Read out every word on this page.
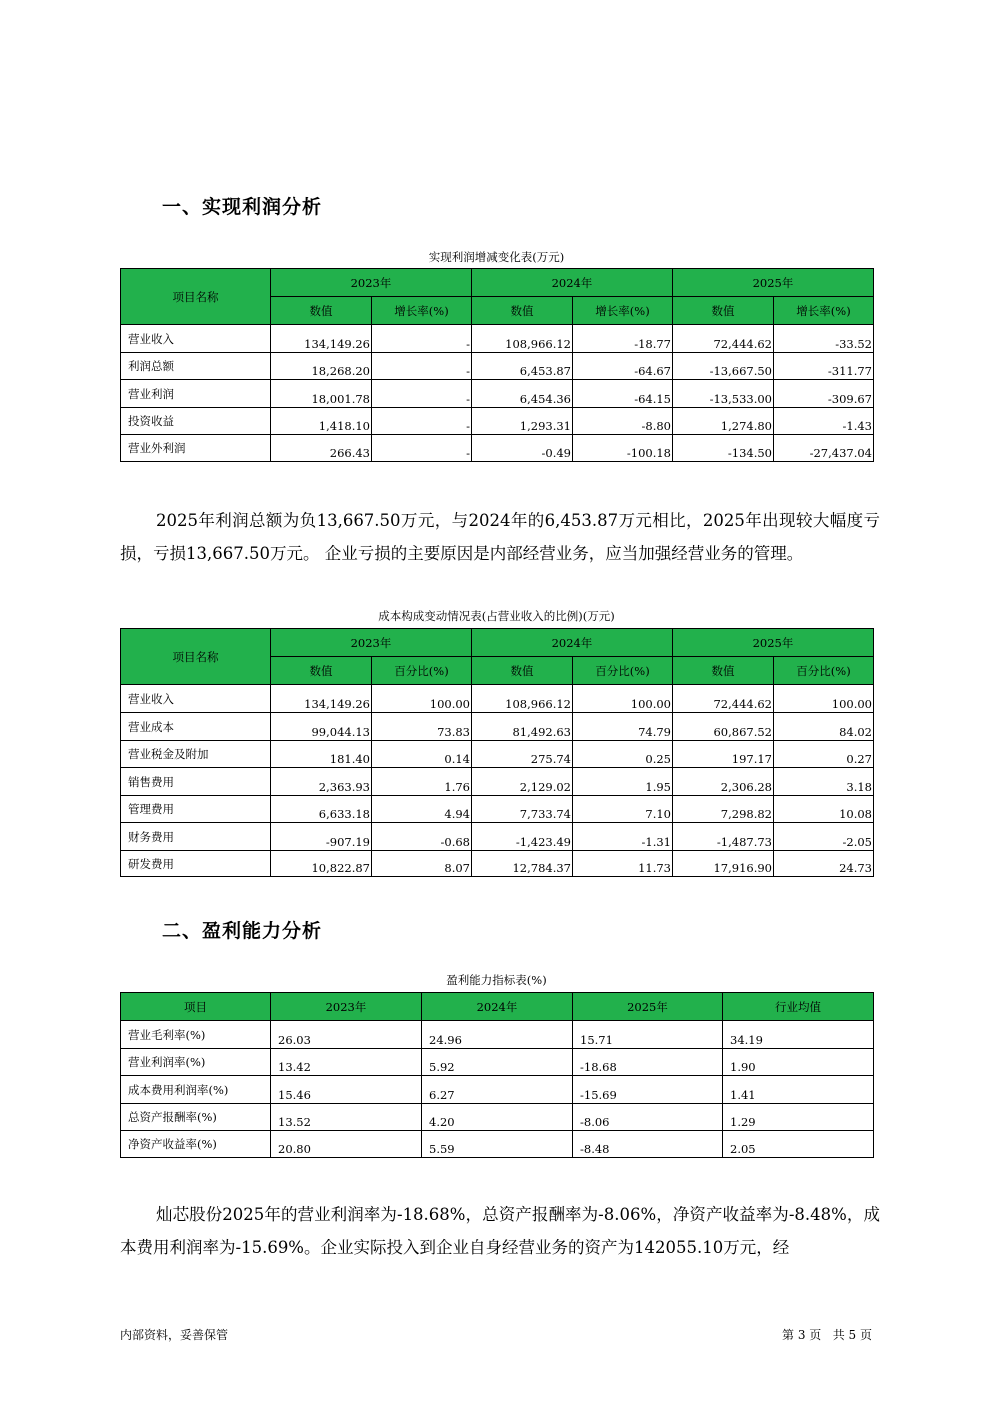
一、实现利润分析
实现利润增减变化表(万元)
项目名称	2023年		2024年		2025年	
	数值	增长率(%)	数值	增长率(%)	数值	增长率(%)
营业收入	134,149.26	-	108,966.12	-18.77	72,444.62	-33.52
利润总额	18,268.20	-	6,453.87	-64.67	-13,667.50	-311.77
营业利润	18,001.78	-	6,454.36	-64.15	-13,533.00	-309.67
投资收益	1,418.10	-	1,293.31	-8.80	1,274.80	-1.43
营业外利润	266.43	-	-0.49	-100.18	-134.50	-27,437.04

2025年利润总额为负13,667.50万元，与2024年的6,453.87万元相比，2025年出现较大幅度亏损，亏损13,667.50万元。 企业亏损的主要原因是内部经营业务，应当加强经营业务的管理。

成本构成变动情况表(占营业收入的比例)(万元)
项目名称	2023年		2024年		2025年	
	数值	百分比(%)	数值	百分比(%)	数值	百分比(%)
营业收入	134,149.26	100.00	108,966.12	100.00	72,444.62	100.00
营业成本	99,044.13	73.83	81,492.63	74.79	60,867.52	84.02
营业税金及附加	181.40	0.14	275.74	0.25	197.17	0.27
销售费用	2,363.93	1.76	2,129.02	1.95	2,306.28	3.18
管理费用	6,633.18	4.94	7,733.74	7.10	7,298.82	10.08
财务费用	-907.19	-0.68	-1,423.49	-1.31	-1,487.73	-2.05
研发费用	10,822.87	8.07	12,784.37	11.73	17,916.90	24.73
二、盈利能力分析
盈利能力指标表(%)
项目	2023年	2024年	2025年	行业均值
营业毛利率(%)	26.03	24.96	15.71	34.19
营业利润率(%)	13.42	5.92	-18.68	1.90
成本费用利润率(%)	15.46	6.27	-15.69	1.41
总资产报酬率(%)	13.52	4.20	-8.06	1.29
净资产收益率(%)	20.80	5.59	-8.48	2.05

灿芯股份2025年的营业利润率为-18.68%，总资产报酬率为-8.06%，净资产收益率为-8.48%，成本费用利润率为-15.69%。企业实际投入到企业自身经营业务的资产为142055.10万元，经

内部资料，妥善保管	第 3 页   共 5 页
